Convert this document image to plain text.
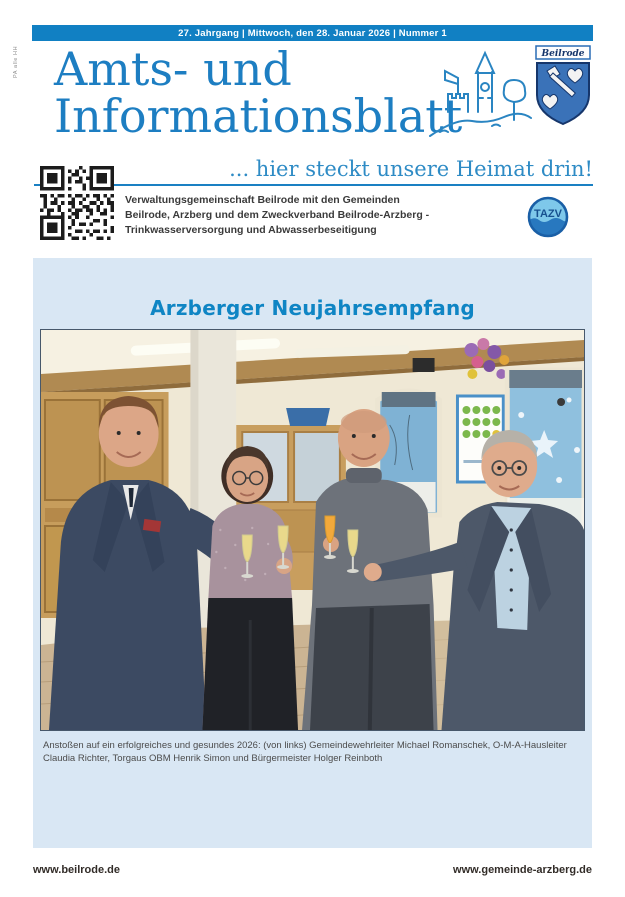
PA alle HH
27. Jahrgang | Mittwoch, den 28. Januar 2026 | Nummer 1
Amts- und
Informationsblatt
Beilrode
... hier steckt unsere Heimat drin!
Verwaltungsgemeinschaft Beilrode mit den Gemeinden
Beilrode, Arzberg und dem Zweckverband Beilrode-Arzberg -
Trinkwasserversorgung und Abwasserbeseitigung
TAZV
Arzberger Neujahrsempfang
Anstoßen auf ein erfolgreiches und gesundes 2026: (von links) Gemeindewehrleiter Michael Romanschek, O-M-A-Hausleiter Claudia Richter, Torgaus OBM Henrik Simon und Bürgermeister Holger Reinboth
www.beilrode.de	www.gemeinde-arzberg.de
